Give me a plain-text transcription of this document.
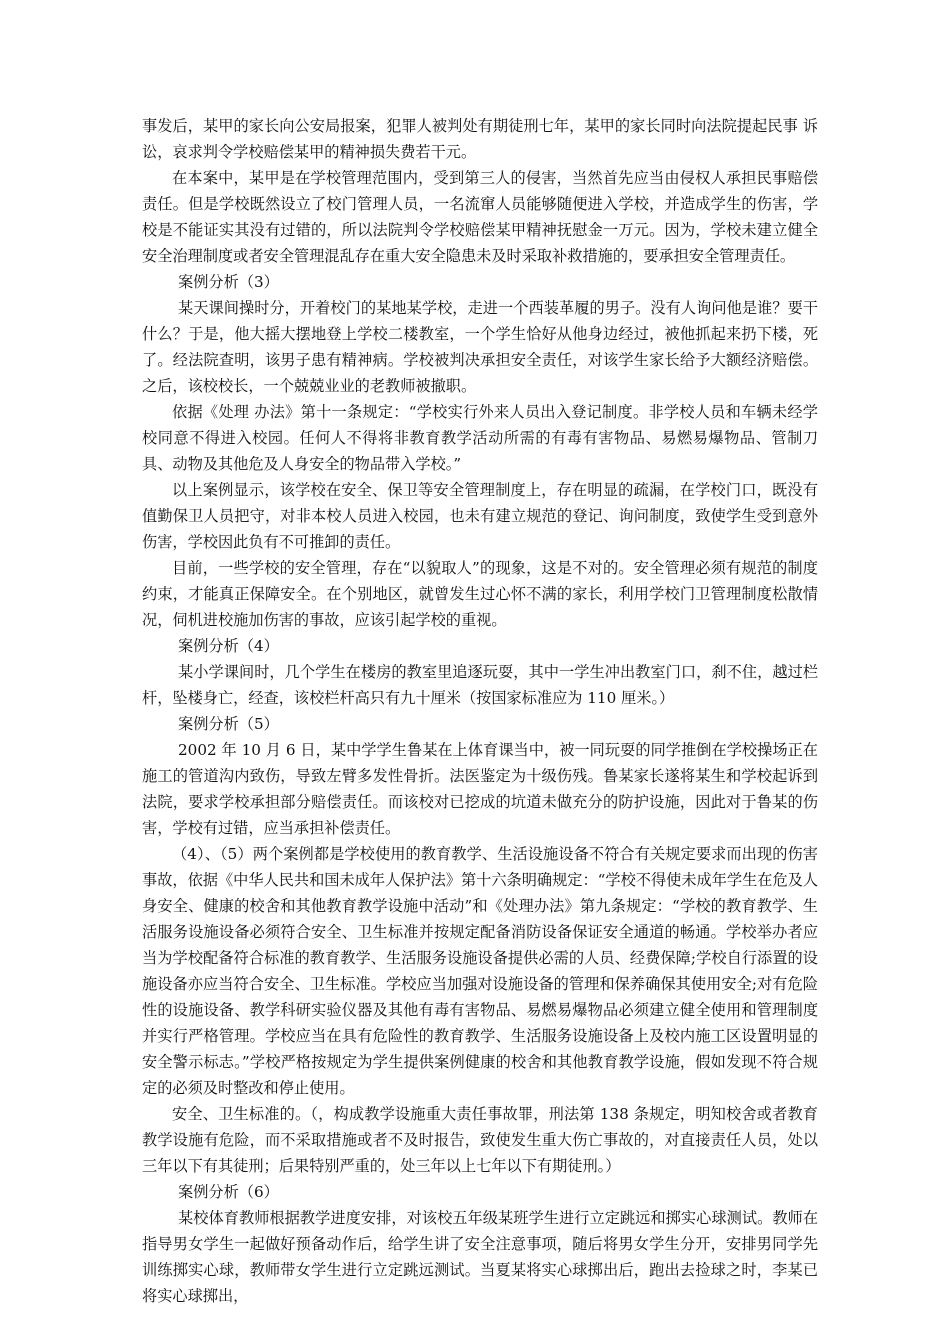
事发后，某甲的家长向公安局报案，犯罪人被判处有期徒刑七年，某甲的家长同时向法院提起民事 诉讼，哀求判令学校赔偿某甲的精神损失费若干元。

在本案中，某甲是在学校管理范围内，受到第三人的侵害，当然首先应当由侵权人承担民事赔偿责任。但是学校既然设立了校门管理人员，一名流窜人员能够随便进入学校，并造成学生的伤害，学校是不能证实其没有过错的，所以法院判令学校赔偿某甲精神抚慰金一万元。因为，学校未建立健全安全治理制度或者安全管理混乱存在重大安全隐患未及时采取补救措施的，要承担安全管理责任。

案例分析（3）

某天课间操时分，开着校门的某地某学校，走进一个西装革履的男子。没有人询问他是谁？要干什么？于是，他大摇大摆地登上学校二楼教室，一个学生恰好从他身边经过，被他抓起来扔下楼，死了。经法院查明，该男子患有精神病。学校被判决承担安全责任，对该学生家长给予大额经济赔偿。之后，该校校长，一个兢兢业业的老教师被撤职。

依据《处理 办法》第十一条规定：“学校实行外来人员出入登记制度。非学校人员和车辆未经学校同意不得进入校园。任何人不得将非教育教学活动所需的有毒有害物品、易燃易爆物品、管制刀具、动物及其他危及人身安全的物品带入学校。”

以上案例显示，该学校在安全、保卫等安全管理制度上，存在明显的疏漏，在学校门口，既没有值勤保卫人员把守，对非本校人员进入校园，也未有建立规范的登记、询问制度，致使学生受到意外伤害，学校因此负有不可推卸的责任。

目前，一些学校的安全管理，存在“以貌取人”的现象，这是不对的。安全管理必须有规范的制度约束，才能真正保障安全。在个别地区，就曾发生过心怀不满的家长，利用学校门卫管理制度松散情况，伺机进校施加伤害的事故，应该引起学校的重视。

案例分析（4）

某小学课间时，几个学生在楼房的教室里追逐玩耍，其中一学生冲出教室门口，刹不住，越过栏杆，坠楼身亡，经查，该校栏杆高只有九十厘米（按国家标准应为 110 厘米。）

案例分析（5）

2002 年 10 月 6 日，某中学学生鲁某在上体育课当中，被一同玩耍的同学推倒在学校操场正在施工的管道沟内致伤，导致左臂多发性骨折。法医鉴定为十级伤残。鲁某家长遂将某生和学校起诉到法院，要求学校承担部分赔偿责任。而该校对已挖成的坑道未做充分的防护设施，因此对于鲁某的伤害，学校有过错，应当承担补偿责任。

（4）、（5）两个案例都是学校使用的教育教学、生活设施设备不符合有关规定要求而出现的伤害事故，依据《中华人民共和国未成年人保护法》第十六条明确规定：“学校不得使未成年学生在危及人身安全、健康的校舍和其他教育教学设施中活动”和《处理办法》第九条规定：“学校的教育教学、生活服务设施设备必须符合安全、卫生标准并按规定配备消防设备保证安全通道的畅通。学校举办者应当为学校配备符合标准的教育教学、生活服务设施设备提供必需的人员、经费保障;学校自行添置的设施设备亦应当符合安全、卫生标准。学校应当加强对设施设备的管理和保养确保其使用安全;对有危险性的设施设备、教学科研实验仪器及其他有毒有害物品、易燃易爆物品必须建立健全使用和管理制度并实行严格管理。学校应当在具有危险性的教育教学、生活服务设施设备上及校内施工区设置明显的安全警示标志。”学校严格按规定为学生提供案例健康的校舍和其他教育教学设施，假如发现不符合规定的必须及时整改和停止使用。

安全、卫生标准的。（，构成教学设施重大责任事故罪，刑法第 138 条规定，明知校舍或者教育教学设施有危险，而不采取措施或者不及时报告，致使发生重大伤亡事故的，对直接责任人员，处以三年以下有其徒刑；后果特别严重的，处三年以上七年以下有期徒刑。）

案例分析（6）

某校体育教师根据教学进度安排，对该校五年级某班学生进行立定跳远和掷实心球测试。教师在指导男女学生一起做好预备动作后，给学生讲了安全注意事项，随后将男女学生分开，安排男同学先训练掷实心球，教师带女学生进行立定跳远测试。当夏某将实心球掷出后，跑出去捡球之时，李某已将实心球掷出，
